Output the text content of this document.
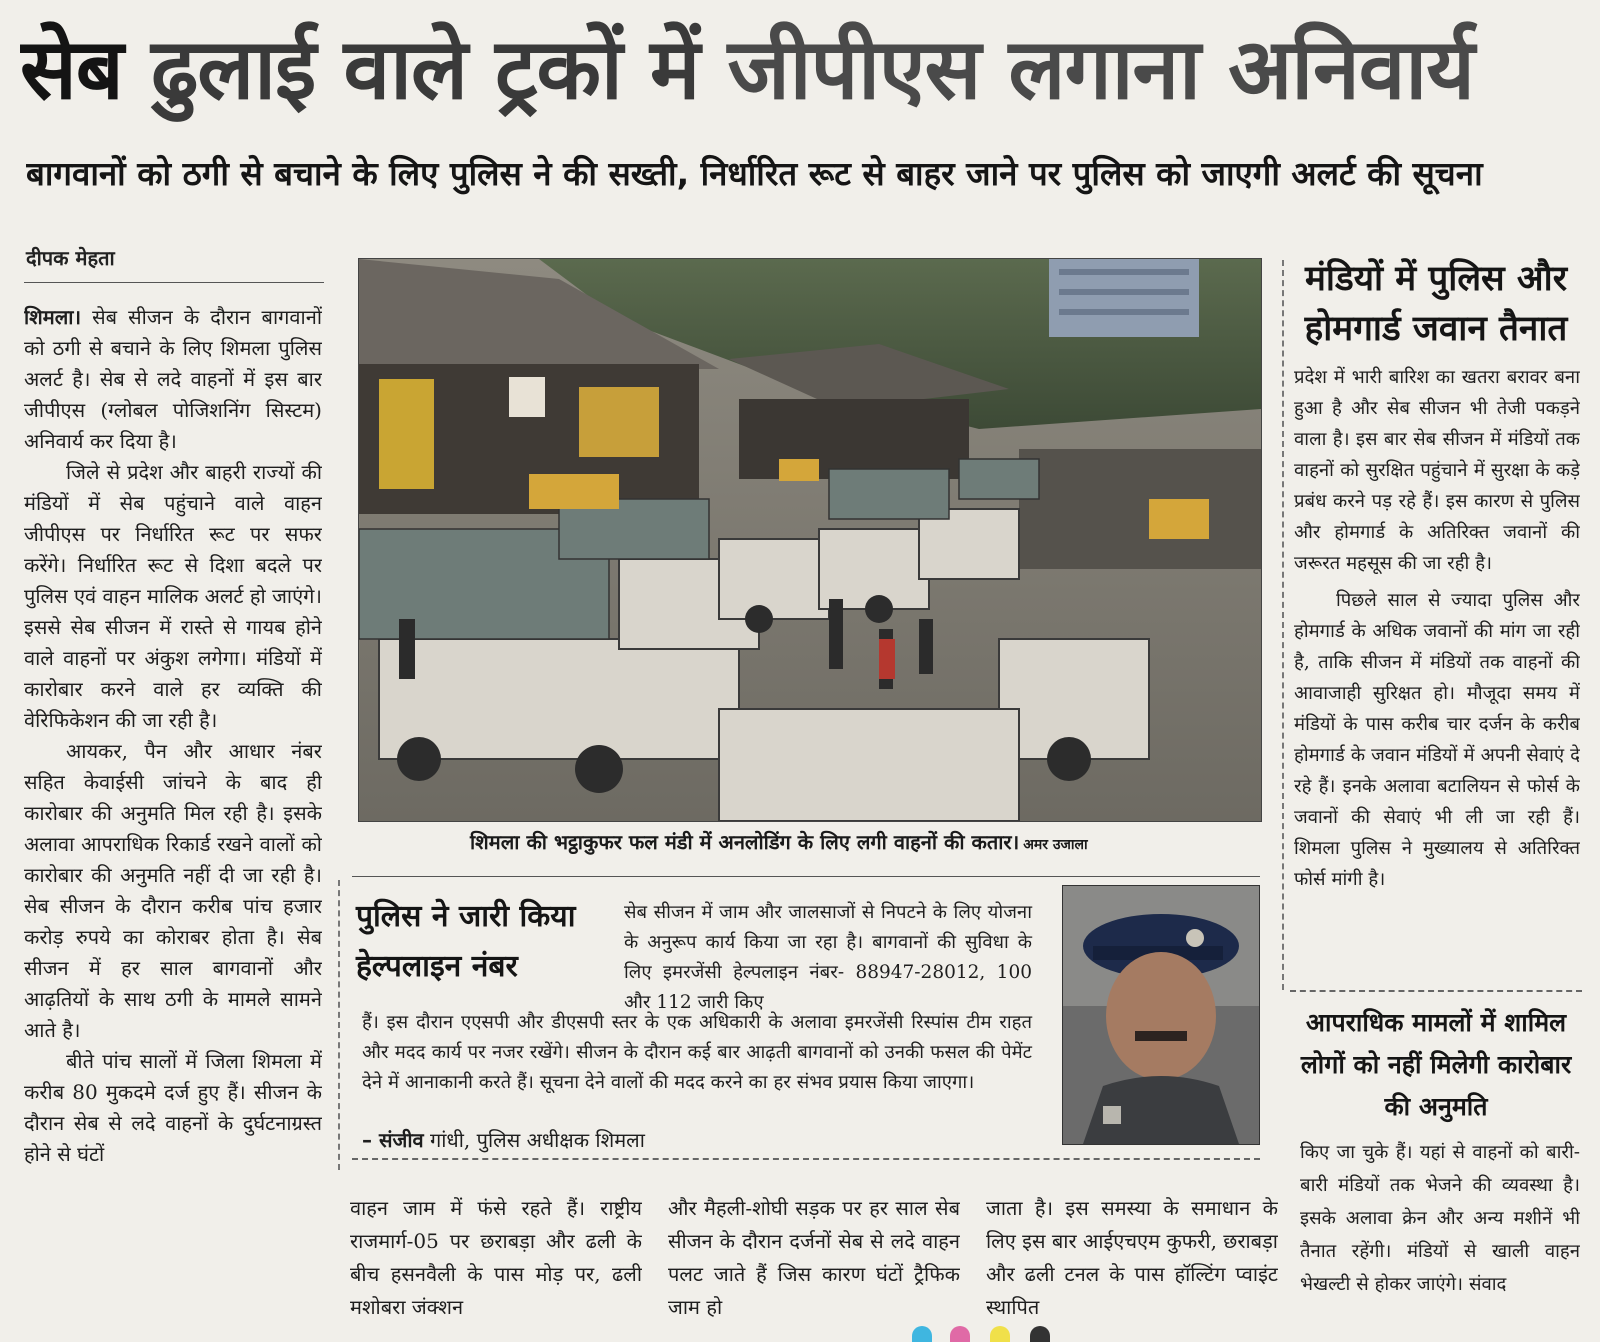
सेब ढुलाई वाले ट्रकों में जीपीएस लगाना अनिवार्य
बागवानों को ठगी से बचाने के लिए पुलिस ने की सख्ती, निर्धारित रूट से बाहर जाने पर पुलिस को जाएगी अलर्ट की सूचना
दीपक मेहता

शिमला। सेब सीजन के दौरान बागवानों को ठगी से बचाने के लिए शिमला पुलिस अलर्ट है। सेब से लदे वाहनों में इस बार जीपीएस (ग्लोबल पोजिशनिंग सिस्टम) अनिवार्य कर दिया है।

जिले से प्रदेश और बाहरी राज्यों की मंडियों में सेब पहुंचाने वाले वाहन जीपीएस पर निर्धारित रूट पर सफर करेंगे। निर्धारित रूट से दिशा बदले पर पुलिस एवं वाहन मालिक अलर्ट हो जाएंगे। इससे सेब सीजन में रास्ते से गायब होने वाले वाहनों पर अंकुश लगेगा। मंडियों में कारोबार करने वाले हर व्यक्ति की वेरिफिकेशन की जा रही है।

आयकर, पैन और आधार नंबर सहित केवाईसी जांचने के बाद ही कारोबार की अनुमति मिल रही है। इसके अलावा आपराधिक रिकार्ड रखने वालों को कारोबार की अनुमति नहीं दी जा रही है। सेब सीजन के दौरान करीब पांच हजार करोड़ रुपये का कोराबर होता है। सेब सीजन में हर साल बागवानों और आढ़तियों के साथ ठगी के मामले सामने आते है।

बीते पांच सालों में जिला शिमला में करीब 80 मुकदमे दर्ज हुए हैं। सीजन के दौरान सेब से लदे वाहनों के दुर्घटनाग्रस्त होने से घंटों

शिमला की भट्ठाकुफर फल मंडी में अनलोडिंग के लिए लगी वाहनों की कतार। अमर उजाला
पुलिस ने जारी किया हेल्पलाइन नंबर

सेब सीजन में जाम और जालसाजों से निपटने के लिए योजना के अनुरूप कार्य किया जा रहा है। बागवानों की सुविधा के लिए इमरजेंसी हेल्पलाइन नंबर- 88947-28012, 100 और 112 जारी किए

हैं। इस दौरान एएसपी और डीएसपी स्तर के एक अधिकारी के अलावा इमरजेंसी रिस्पांस टीम राहत और मदद कार्य पर नजर रखेंगे। सीजन के दौरान कई बार आढ़ती बागवानों को उनकी फसल की पेमेंट देने में आनाकानी करते हैं। सूचना देने वालों की मदद करने का हर संभव प्रयास किया जाएगा।

– संजीव गांधी, पुलिस अधीक्षक शिमला
वाहन जाम में फंसे रहते हैं। राष्ट्रीय राजमार्ग-05 पर छराबड़ा और ढली के बीच हसनवैली के पास मोड़ पर, ढली मशोबरा जंक्शन
और मैहली-शोघी सड़क पर हर साल सेब सीजन के दौरान दर्जनों सेब से लदे वाहन पलट जाते हैं जिस कारण घंटों ट्रैफिक जाम हो
जाता है। इस समस्या के समाधान के लिए इस बार आईएचएम कुफरी, छराबड़ा और ढली टनल के पास हॉल्टिंग प्वाइंट स्थापित
मंडियों में पुलिस और होमगार्ड जवान तैनात

प्रदेश में भारी बारिश का खतरा बरावर बना हुआ है और सेब सीजन भी तेजी पकड़ने वाला है। इस बार सेब सीजन में मंडियों तक वाहनों को सुरक्षित पहुंचाने में सुरक्षा के कड़े प्रबंध करने पड़ रहे हैं। इस कारण से पुलिस और होमगार्ड के अतिरिक्त जवानों की जरूरत महसूस की जा रही है।

पिछले साल से ज्यादा पुलिस और होमगार्ड के अधिक जवानों की मांग जा रही है, ताकि सीजन में मंडियों तक वाहनों की आवाजाही सुरिक्षत हो। मौजूदा समय में मंडियों के पास करीब चार दर्जन के करीब होमगार्ड के जवान मंडियों में अपनी सेवाएं दे रहे हैं। इनके अलावा बटालियन से फोर्स के जवानों की सेवाएं भी ली जा रही हैं। शिमला पुलिस ने मुख्यालय से अतिरिक्त फोर्स मांगी है।

आपराधिक मामलों में शामिल लोगों को नहीं मिलेगी कारोबार की अनुमति

किए जा चुके हैं। यहां से वाहनों को बारी-बारी मंडियों तक भेजने की व्यवस्था है। इसके अलावा क्रेन और अन्य मशीनें भी तैनात रहेंगी। मंडियों से खाली वाहन भेखल्टी से होकर जाएंगे। संवाद
